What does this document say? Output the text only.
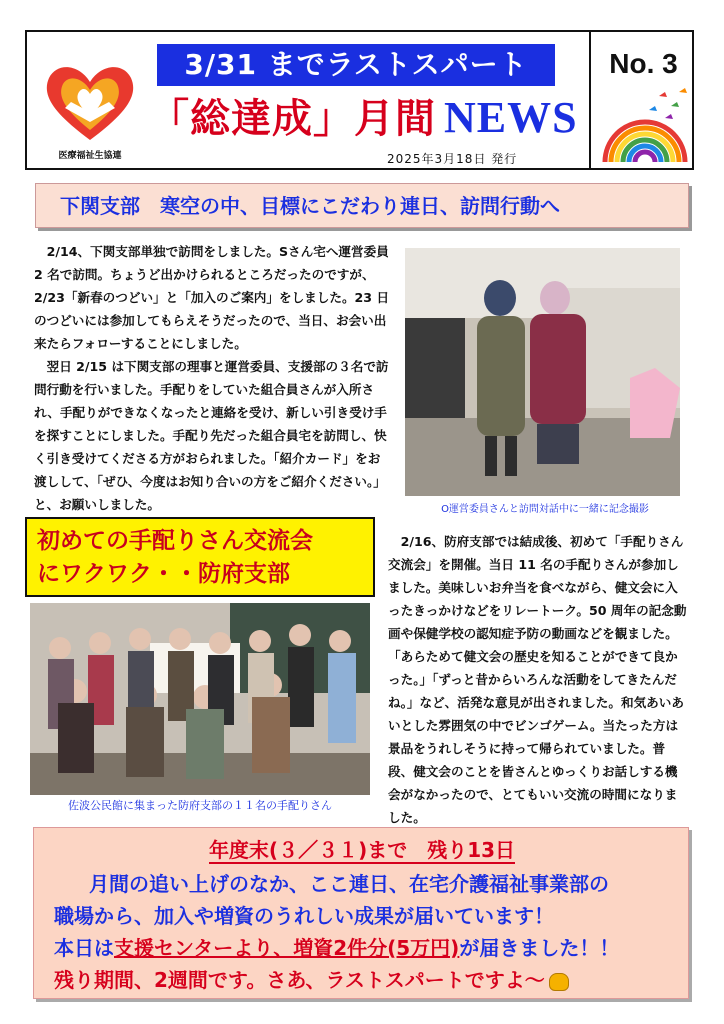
医療福祉生協連
3/31 までラストスパート
「総達成」月間 NEWS
2025年3月18日 発行
No. 3
下関支部　寒空の中、目標にこだわり連日、訪問行動へ

2/14、下関支部単独で訪問をしました。Sさん宅へ運営委員 2 名で訪問。ちょうど出かけられるところだったのですが、2/23「新春のつどい」と「加入のご案内」をしました。23 日のつどいには参加してもらえそうだったので、当日、お会い出来たらフォローすることにしました。

翌日 2/15 は下関支部の理事と運営委員、支援部の３名で訪問行動を行いました。手配りをしていた組合員さんが入所され、手配りができなくなったと連絡を受け、新しい引き受け手を探すことにしました。手配り先だった組合員宅を訪問し、快く引き受けてくださる方がおられました。「紹介カード」をお渡しして、「ぜひ、今度はお知り合いの方をご紹介ください。」と、お願いしました。	O運営委員さんと訪問対話中に一緒に記念撮影
初めての手配りさん交流会
にワクワク・・防府支部

2/16、防府支部では結成後、初めて「手配りさん交流会」を開催。当日 11 名の手配りさんが参加しました。美味しいお弁当を食べながら、健文会に入ったきっかけなどをリレートーク。50 周年の記念動画や保健学校の認知症予防の動画などを観ました。「あらためて健文会の歴史を知ることができて良かった。」「ずっと昔からいろんな活動をしてきたんだね。」など、活発な意見が出されました。和気あいあいとした雰囲気の中でビンゴゲーム。当たった方は景品をうれしそうに持って帰られていました。普段、健文会のことを皆さんとゆっくりお話しする機会がなかったので、とてもいい交流の時間になりました。

佐波公民館に集まった防府支部の１１名の手配りさん
年度末(３／３１)まで　残り13日
月間の追い上げのなか、ここ連日、在宅介護福祉事業部の
職場から、加入や増資のうれしい成果が届いています！
本日は支援センターより、増資2件分(5万円)が届きました！！
残り期間、2週間です。さあ、ラストスパートですよ～
